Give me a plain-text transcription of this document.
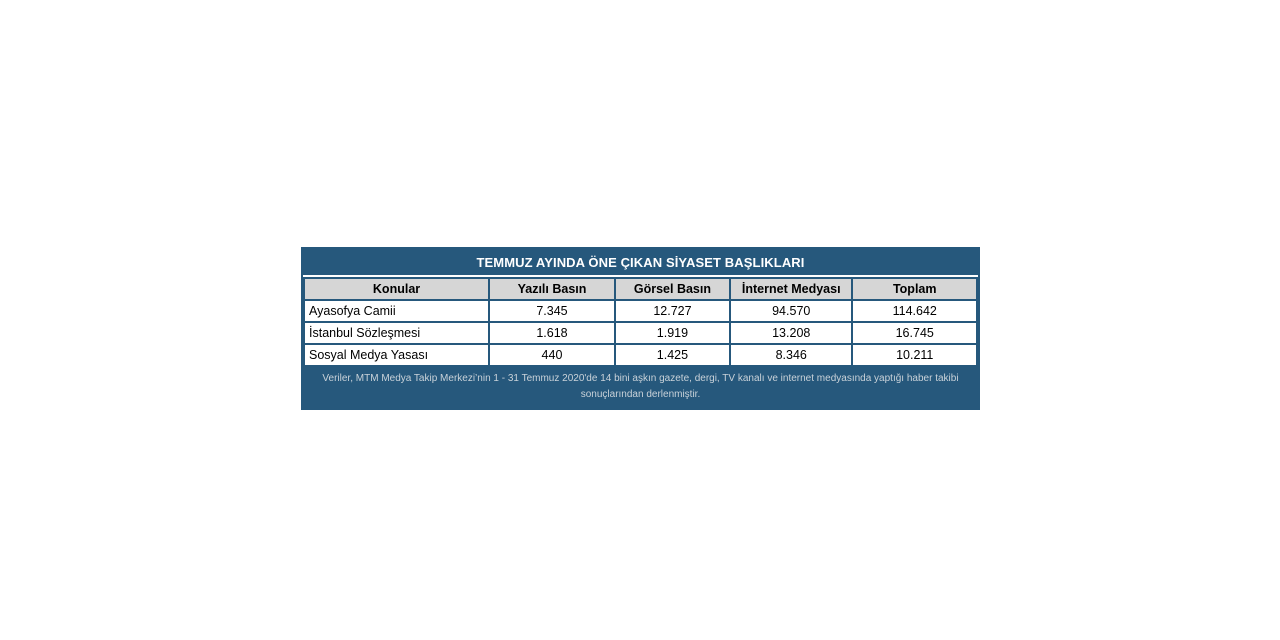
TEMMUZ AYINDA ÖNE ÇIKAN SİYASET BAŞLIKLARI
Konular	Yazılı Basın	Görsel Basın	İnternet Medyası	Toplam
Ayasofya Camii	7.345	12.727	94.570	114.642
İstanbul Sözleşmesi	1.618	1.919	13.208	16.745
Sosyal Medya Yasası	440	1.425	8.346	10.211
Veriler, MTM Medya Takip Merkezi’nin 1 - 31 Temmuz 2020'de 14 bini aşkın gazete, dergi, TV kanalı ve internet medyasında yaptığı haber takibi
sonuçlarından derlenmiştir.
